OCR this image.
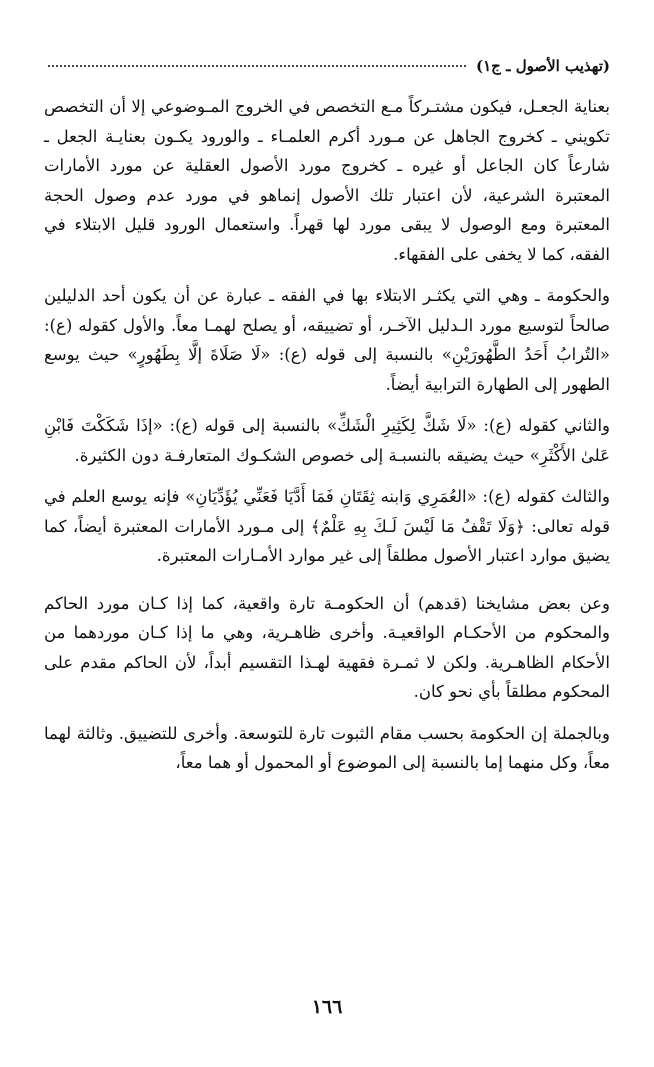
(تهذيب الأصول ـ ج١)

بعناية الجعـل، فيكون مشتـركاً مـع التخصص في الخروج المـوضوعي إلا أن التخصص تكويني ـ كخروج الجاهل عن مـورد أكرم العلمـاء ـ والورود يكـون بعنايـة الجعل ـ شارعاً كان الجاعل أو غيره ـ كخروج مورد الأصول العقلية عن مورد الأمارات المعتبرة الشرعية، لأن اعتبار تلك الأصول إنماهو في مورد عدم وصول الحجة المعتبرة ومع الوصول لا يبقى مورد لها قهراً. واستعمال الورود قليل الابتلاء في الفقه، كما لا يخفى على الفقهاء.

والحكومة ـ وهي التي يكثـر الابتلاء بها في الفقه ـ عبارة عن أن يكون أحد الدليلين صالحاً لتوسيع مورد الـدليل الآخـر، أو تضييقه، أو يصلح لهمـا معاً. والأول كقوله (ع): «التُرابُ أَحَدُ الطَّهُورَيْنِ» بالنسبة إلى قوله (ع): «لَا صَلَاةَ إلَّا بِطَهُورٍ» حيث يوسع الطهور إلى الطهارة الترابية أيضاً.

والثاني كقوله (ع): «لَا شَكَّ لِكَثِيرِ الْشَكِّ» بالنسبة إلى قوله (ع): «إذَا شَكَكْتَ فَابْنِ عَلىٰ الأَكْثَرِ» حيث يضيقه بالنسبـة إلى خصوص الشكـوك المتعارفـة دون الكثيرة.

والثالث كقوله (ع): «العُمَرِي وَابنه ثِقَتَانِ فَمَا أَدَّيَا فَعَنِّي يُؤَدِّيَانِ» فإنه يوسع العلم في قوله تعالى: ﴿وَلَا تَقْفُ مَا لَيْسَ لَـكَ بِهِ عَلْمٌ﴾ إلى مـورد الأمارات المعتبرة أيضاً، كما يضيق موارد اعتبار الأصول مطلقاً إلى غير موارد الأمـارات المعتبرة.

وعن بعض مشايخنا (قدهم) أن الحكومـة تارة واقعية، كما إذا كـان مورد الحاكم والمحكوم من الأحكـام الواقعيـة. وأخرى ظاهـرية، وهي ما إذا كـان موردهما من الأحكام الظاهـرية. ولكن لا ثمـرة فقهية لهـذا التقسيم أبداً، لأن الحاكم مقدم على المحكوم مطلقاً بأي نحو كان.

وبالجملة إن الحكومة بحسب مقام الثبوت تارة للتوسعة. وأخرى للتضييق. وثالثة لهما معاً، وكل منهما إما بالنسبة إلى الموضوع أو المحمول أو هما معاً،

١٦٦
